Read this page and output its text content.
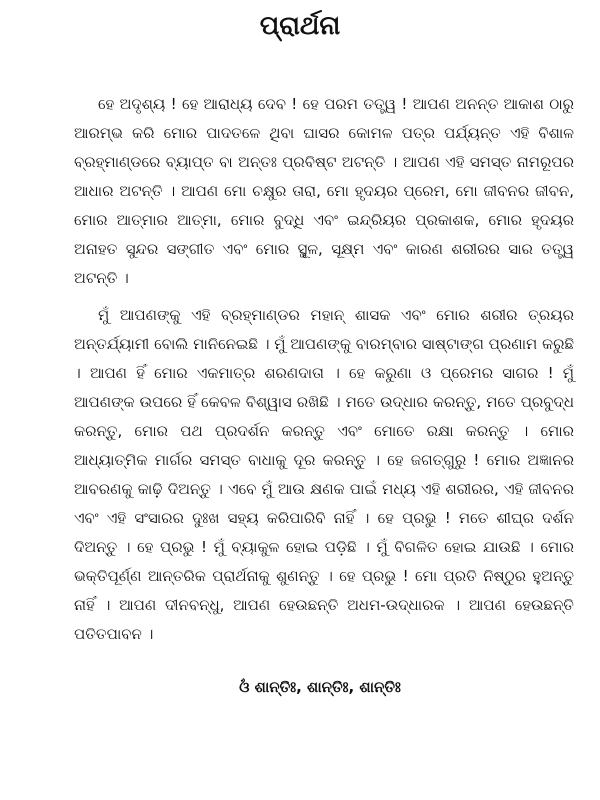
ପ୍ରାର୍ଥନା

ହେ ଅଦୃଶ୍ୟ ! ହେ ଆରାଧ୍ୟ ଦେବ ! ହେ ପରମ ତତ୍ତ୍ୱ ! ଆପଣ ଅନନ୍ତ ଆକାଶ ଠାରୁ ଆରମ୍ଭ କରି ମୋର ପାଦତଳେ ଥିବା ଘାସର କୋମଳ ପତ୍ର ପର୍ଯ୍ୟନ୍ତ ଏହି ବିଶାଳ ବ୍ରହ୍ମାଣ୍ଡରେ ବ୍ୟାପ୍ତ ବା ଅନ୍ତଃ ପ୍ରବିଷ୍ଟ ଅଟନ୍ତି । ଆପଣ ଏହି ସମସ୍ତ ନାମରୂପର ଆଧାର ଅଟନ୍ତି । ଆପଣ ମୋ ଚକ୍ଷୁର ତାରା, ମୋ ହୃଦୟର ପ୍ରେମ, ମୋ ଜୀବନର ଜୀବନ, ମୋର ଆତ୍ମାର ଆତ୍ମା, ମୋର ବୁଦ୍ଧି ଏବଂ ଇନ୍ଦ୍ରିୟର ପ୍ରକାଶକ, ମୋର ହୃଦୟର ଅନାହତ ସୁନ୍ଦର ସଙ୍ଗୀତ ଏବଂ ମୋର ସ୍ଥୂଳ, ସୂକ୍ଷ୍ମ ଏବଂ କାରଣ ଶରୀରର ସାର ତତ୍ତ୍ୱ ଅଟନ୍ତି ।

ମୁଁ ଆପଣଙ୍କୁ ଏହି ବ୍ରହ୍ମାଣ୍ଡର ମହାନ୍ ଶାସକ ଏବଂ ମୋର ଶରୀର ତ୍ରୟର ଅନ୍ତର୍ଯ୍ୟାମୀ ବୋଲି ମାନିନେଇଛି । ମୁଁ ଆପଣଙ୍କୁ ବାରମ୍ବାର ସାଷ୍ଟାଙ୍ଗ ପ୍ରଣାମ କରୁଛି । ଆପଣ ହିଁ ମୋର ଏକମାତ୍ର ଶରଣଦାତା । ହେ କରୁଣା ଓ ପ୍ରେମର ସାଗର ! ମୁଁ ଆପଣଙ୍କ ଉପରେ ହିଁ କେବଳ ବିଶ୍ୱାସ ରଖିଛି । ମତେ ଉଦ୍ଧାର କରନ୍ତୁ, ମତେ ପ୍ରବୁଦ୍ଧ କରନ୍ତୁ, ମୋର ପଥ ପ୍ରଦର୍ଶନ କରନ୍ତୁ ଏବଂ ମୋତେ ରକ୍ଷା କରନ୍ତୁ । ମୋର ଆଧ୍ୟାତ୍ମିକ ମାର୍ଗର ସମସ୍ତ ବାଧାକୁ ଦୂର କରନ୍ତୁ । ହେ ଜଗତ୍‌ଗୁରୁ ! ମୋର ଅଜ୍ଞାନର ଆବରଣକୁ କାଢ଼ି ଦିଅନ୍ତୁ । ଏବେ ମୁଁ ଆଉ କ୍ଷଣକ ପାଇଁ ମଧ୍ୟ ଏହି ଶରୀରର, ଏହି ଜୀବନର ଏବଂ ଏହି ସଂସାରର ଦୁଃଖ ସହ୍ୟ କରିପାରିବି ନାହିଁ । ହେ ପ୍ରଭୁ ! ମତେ ଶୀଘ୍ର ଦର୍ଶନ ଦିଅନ୍ତୁ । ହେ ପ୍ରଭୁ ! ମୁଁ ବ୍ୟାକୁଳ ହୋଇ ପଡ଼ିଛି । ମୁଁ ବିଗଳିତ ହୋଇ ଯାଉଛି । ମୋର ଭକ୍ତିପୂର୍ଣ୍ଣ ଆନ୍ତରିକ ପ୍ରାର୍ଥନାକୁ ଶୁଣନ୍ତୁ । ହେ ପ୍ରଭୁ ! ମୋ ପ୍ରତି ନିଷ୍ଠୁର ହୁଅନ୍ତୁ ନାହିଁ । ଆପଣ ଦୀନବନ୍ଧୁ, ଆପଣ ହେଉଛନ୍ତି ଅଧମ-ଉଦ୍ଧାରକ । ଆପଣ ହେଉଛନ୍ତି ପତିତପାବନ ।

ଓଁ ଶାନ୍ତିଃ, ଶାନ୍ତିଃ, ଶାନ୍ତିଃ
